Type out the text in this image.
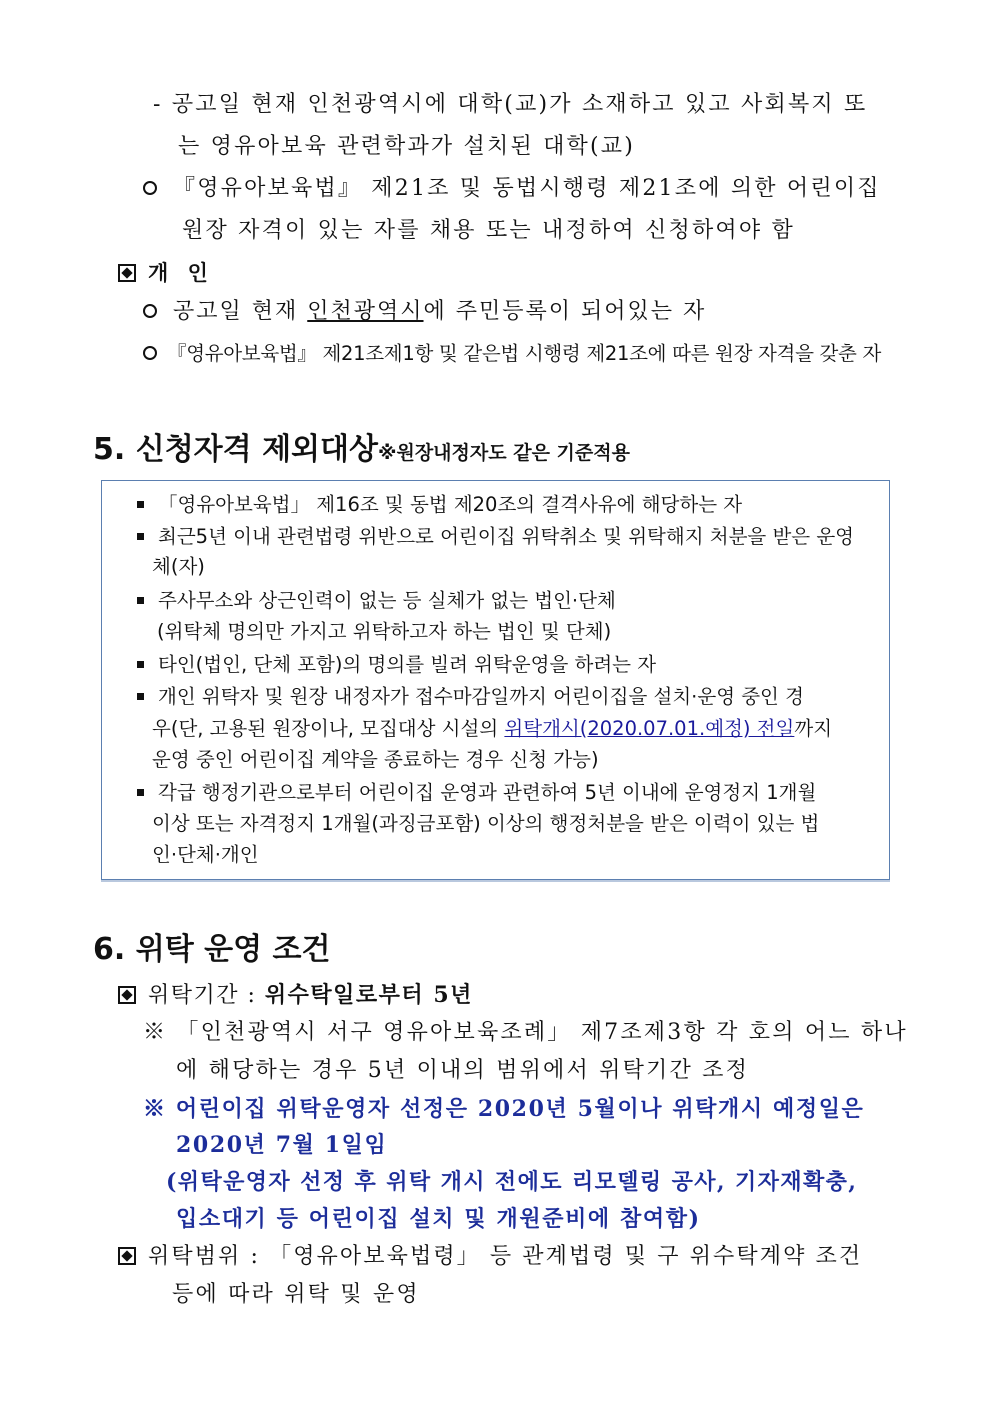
- 공고일 현재 인천광역시에 대학(교)가 소재하고 있고 사회복지 또
는 영유아보육 관련학과가 설치된 대학(교)
『영유아보육법』 제21조 및 동법시행령 제21조에 의한 어린이집
원장 자격이 있는 자를 채용 또는 내정하여 신청하여야 함
개 인
공고일 현재 인천광역시에 주민등록이 되어있는 자
『영유아보육법』 제21조제1항 및 같은법 시행령 제21조에 따른 원장 자격을 갖춘 자
5. 신청자격 제외대상※원장내정자도 같은 기준적용
「영유아보육법」 제16조 및 동법 제20조의 결격사유에 해당하는 자
최근5년 이내 관련법령 위반으로 어린이집 위탁취소 및 위탁해지 처분을 받은 운영
체(자)
주사무소와 상근인력이 없는 등 실체가 없는 법인·단체
(위탁체 명의만 가지고 위탁하고자 하는 법인 및 단체)
타인(법인, 단체 포함)의 명의를 빌려 위탁운영을 하려는 자
개인 위탁자 및 원장 내정자가 접수마감일까지 어린이집을 설치·운영 중인 경
우(단, 고용된 원장이나, 모집대상 시설의 위탁개시(2020.07.01.예정) 전일까지
운영 중인 어린이집 계약을 종료하는 경우 신청 가능)
각급 행정기관으로부터 어린이집 운영과 관련하여 5년 이내에 운영정지 1개월
이상 또는 자격정지 1개월(과징금포함) 이상의 행정처분을 받은 이력이 있는 법
인·단체·개인
6. 위탁 운영 조건
위탁기간 : 위수탁일로부터 5년
※ 「인천광역시 서구 영유아보육조례」 제7조제3항 각 호의 어느 하나
에 해당하는 경우 5년 이내의 범위에서 위탁기간 조정
※ 어린이집 위탁운영자 선정은 2020년 5월이나 위탁개시 예정일은
2020년 7월 1일임
(위탁운영자 선정 후 위탁 개시 전에도 리모델링 공사, 기자재확충,
입소대기 등 어린이집 설치 및 개원준비에 참여함)
위탁범위 : 「영유아보육법령」 등 관계법령 및 구 위수탁계약 조건
등에 따라 위탁 및 운영
